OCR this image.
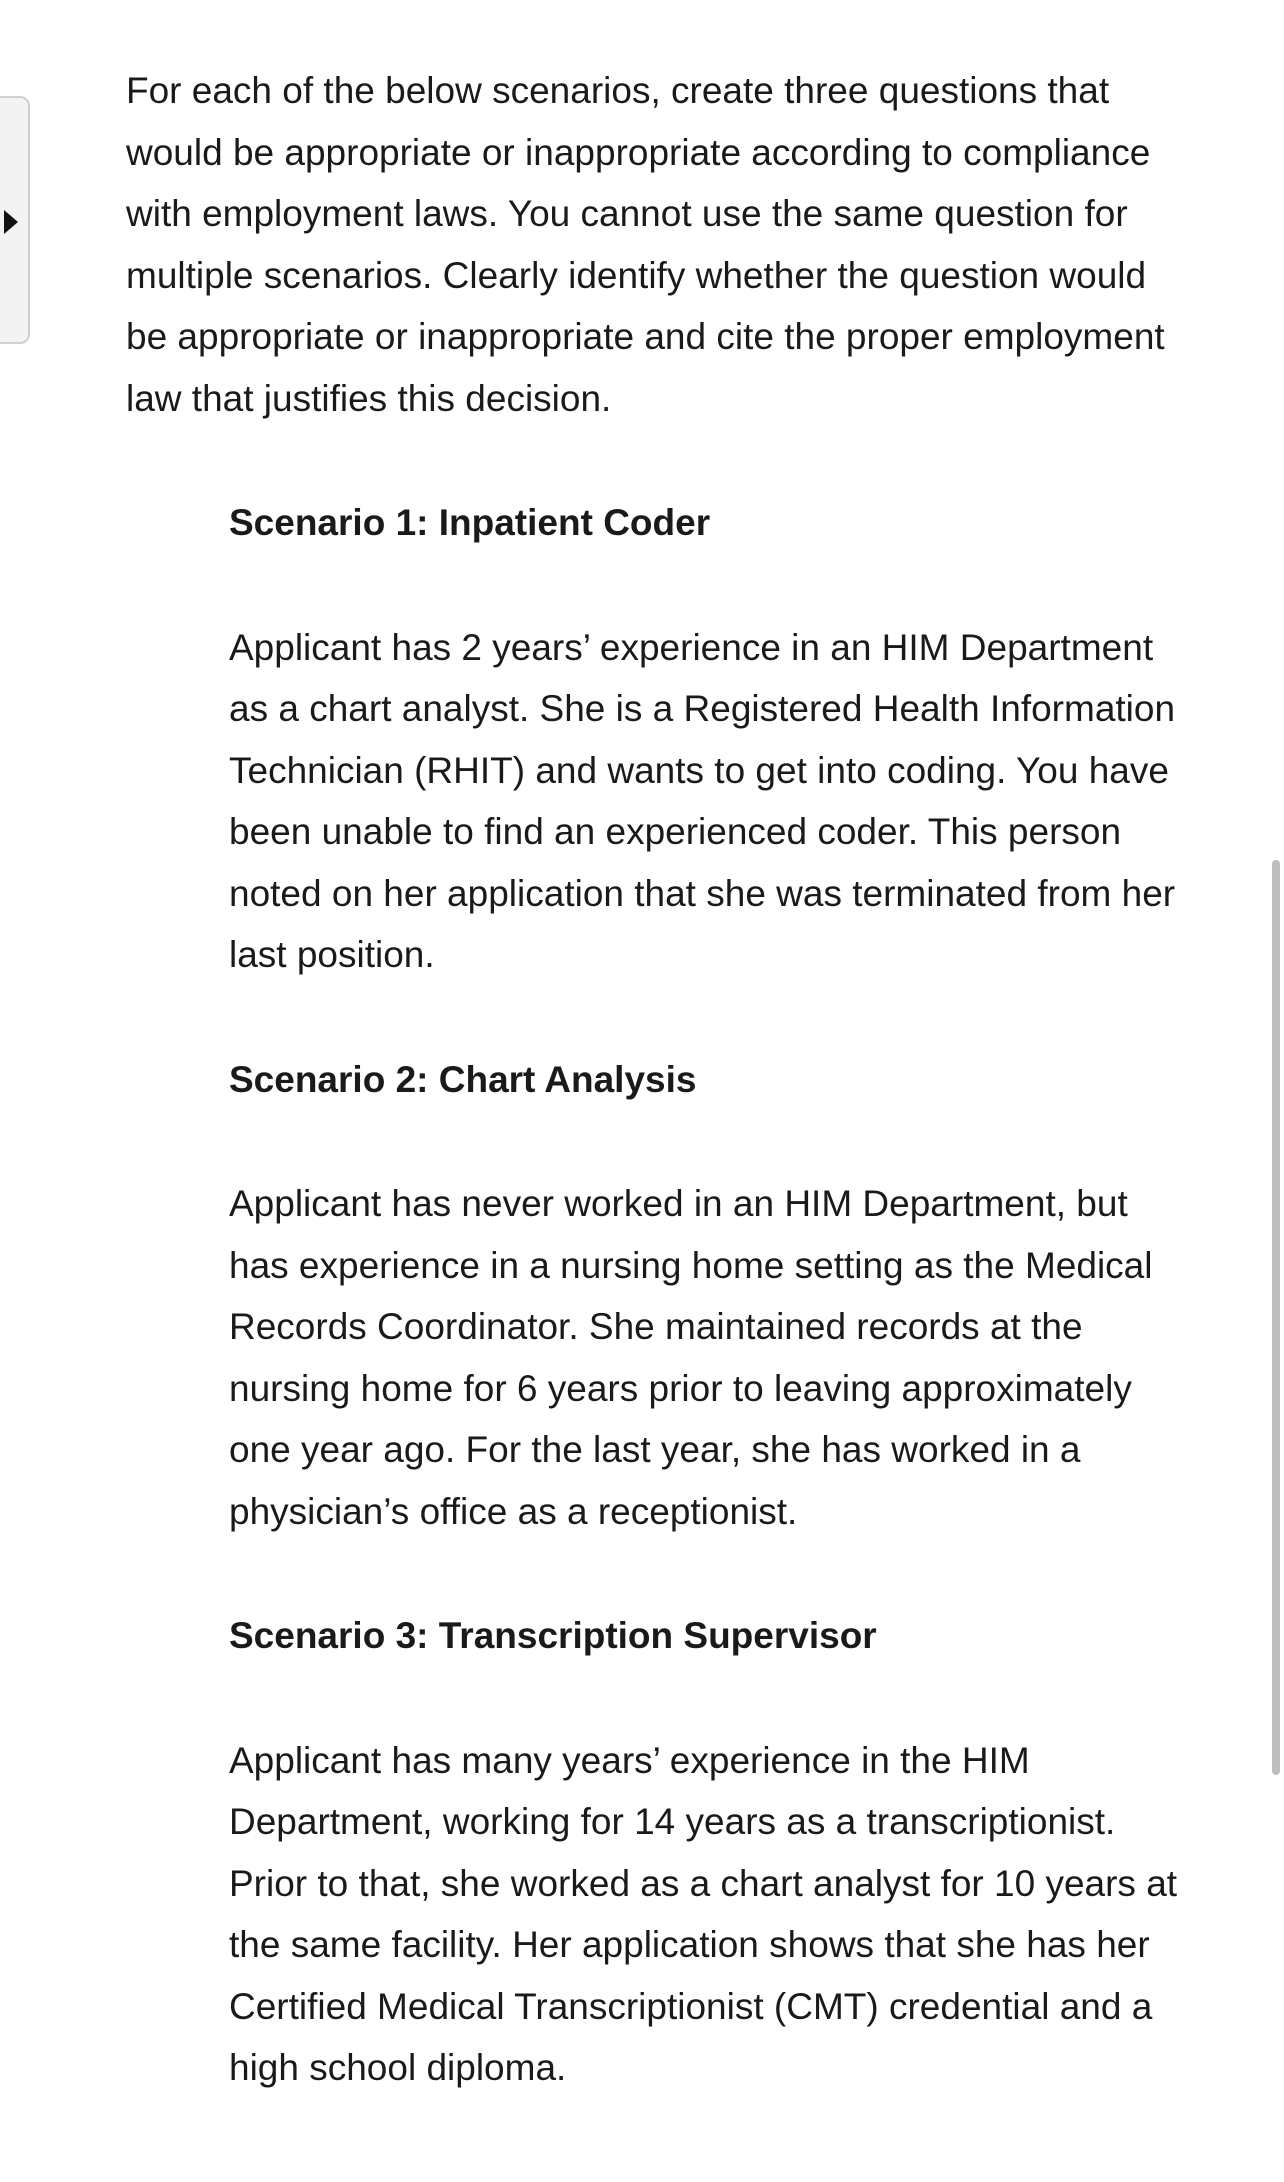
For each of the below scenarios, create three questions that would be appropriate or inappropriate according to compliance with employment laws. You cannot use the same question for multiple scenarios. Clearly identify whether the question would be appropriate or inappropriate and cite the proper employment law that justifies this decision.

Scenario 1: Inpatient Coder

Applicant has 2 years’ experience in an HIM Department as a chart analyst. She is a Registered Health Information Technician (RHIT) and wants to get into coding. You have been unable to find an experienced coder. This person noted on her application that she was terminated from her last position.

Scenario 2: Chart Analysis

Applicant has never worked in an HIM Department, but has experience in a nursing home setting as the Medical Records Coordinator. She maintained records at the nursing home for 6 years prior to leaving approximately one year ago. For the last year, she has worked in a physician’s office as a receptionist.

Scenario 3: Transcription Supervisor

Applicant has many years’ experience in the HIM Department, working for 14 years as a transcriptionist. Prior to that, she worked as a chart analyst for 10 years at the same facility. Her application shows that she has her Certified Medical Transcriptionist (CMT) credential and a high school diploma.
